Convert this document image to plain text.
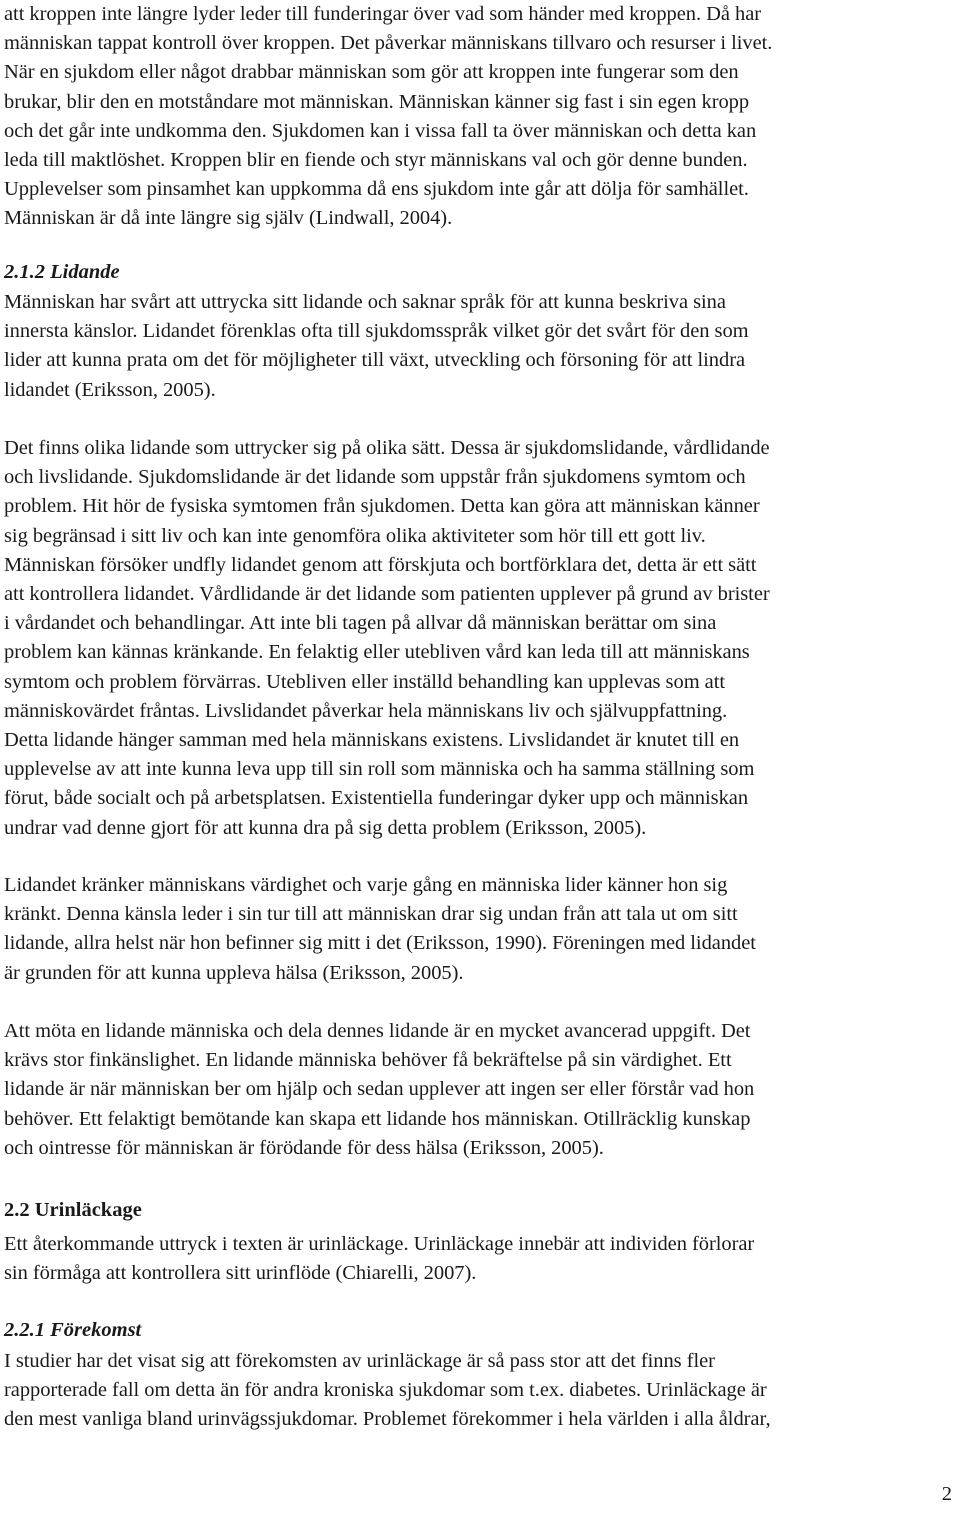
att kroppen inte längre lyder leder till funderingar över vad som händer med kroppen. Då har
människan tappat kontroll över kroppen. Det påverkar människans tillvaro och resurser i livet.
När en sjukdom eller något drabbar människan som gör att kroppen inte fungerar som den
brukar, blir den en motståndare mot människan. Människan känner sig fast i sin egen kropp
och det går inte undkomma den. Sjukdomen kan i vissa fall ta över människan och detta kan
leda till maktlöshet. Kroppen blir en fiende och styr människans val och gör denne bunden.
Upplevelser som pinsamhet kan uppkomma då ens sjukdom inte går att dölja för samhället.
Människan är då inte längre sig själv (Lindwall, 2004).
2.1.2 Lidande
Människan har svårt att uttrycka sitt lidande och saknar språk för att kunna beskriva sina
innersta känslor. Lidandet förenklas ofta till sjukdomsspråk vilket gör det svårt för den som
lider att kunna prata om det för möjligheter till växt, utveckling och försoning för att lindra
lidandet (Eriksson, 2005).
Det finns olika lidande som uttrycker sig på olika sätt. Dessa är sjukdomslidande, vårdlidande
och livslidande. Sjukdomslidande är det lidande som uppstår från sjukdomens symtom och
problem. Hit hör de fysiska symtomen från sjukdomen. Detta kan göra att människan känner
sig begränsad i sitt liv och kan inte genomföra olika aktiviteter som hör till ett gott liv.
Människan försöker undfly lidandet genom att förskjuta och bortförklara det, detta är ett sätt
att kontrollera lidandet. Vårdlidande är det lidande som patienten upplever på grund av brister
i vårdandet och behandlingar. Att inte bli tagen på allvar då människan berättar om sina
problem kan kännas kränkande. En felaktig eller utebliven vård kan leda till att människans
symtom och problem förvärras. Utebliven eller inställd behandling kan upplevas som att
människovärdet fråntas. Livslidandet påverkar hela människans liv och självuppfattning.
Detta lidande hänger samman med hela människans existens. Livslidandet är knutet till en
upplevelse av att inte kunna leva upp till sin roll som människa och ha samma ställning som
förut, både socialt och på arbetsplatsen. Existentiella funderingar dyker upp och människan
undrar vad denne gjort för att kunna dra på sig detta problem (Eriksson, 2005).
Lidandet kränker människans värdighet och varje gång en människa lider känner hon sig
kränkt. Denna känsla leder i sin tur till att människan drar sig undan från att tala ut om sitt
lidande, allra helst när hon befinner sig mitt i det (Eriksson, 1990). Föreningen med lidandet
är grunden för att kunna uppleva hälsa (Eriksson, 2005).
Att möta en lidande människa och dela dennes lidande är en mycket avancerad uppgift. Det
krävs stor finkänslighet. En lidande människa behöver få bekräftelse på sin värdighet. Ett
lidande är när människan ber om hjälp och sedan upplever att ingen ser eller förstår vad hon
behöver. Ett felaktigt bemötande kan skapa ett lidande hos människan. Otillräcklig kunskap
och ointresse för människan är förödande för dess hälsa (Eriksson, 2005).
2.2 Urinläckage
Ett återkommande uttryck i texten är urinläckage. Urinläckage innebär att individen förlorar
sin förmåga att kontrollera sitt urinflöde (Chiarelli, 2007).
2.2.1 Förekomst
I studier har det visat sig att förekomsten av urinläckage är så pass stor att det finns fler
rapporterade fall om detta än för andra kroniska sjukdomar som t.ex. diabetes. Urinläckage är
den mest vanliga bland urinvägssjukdomar. Problemet förekommer i hela världen i alla åldrar,
2
